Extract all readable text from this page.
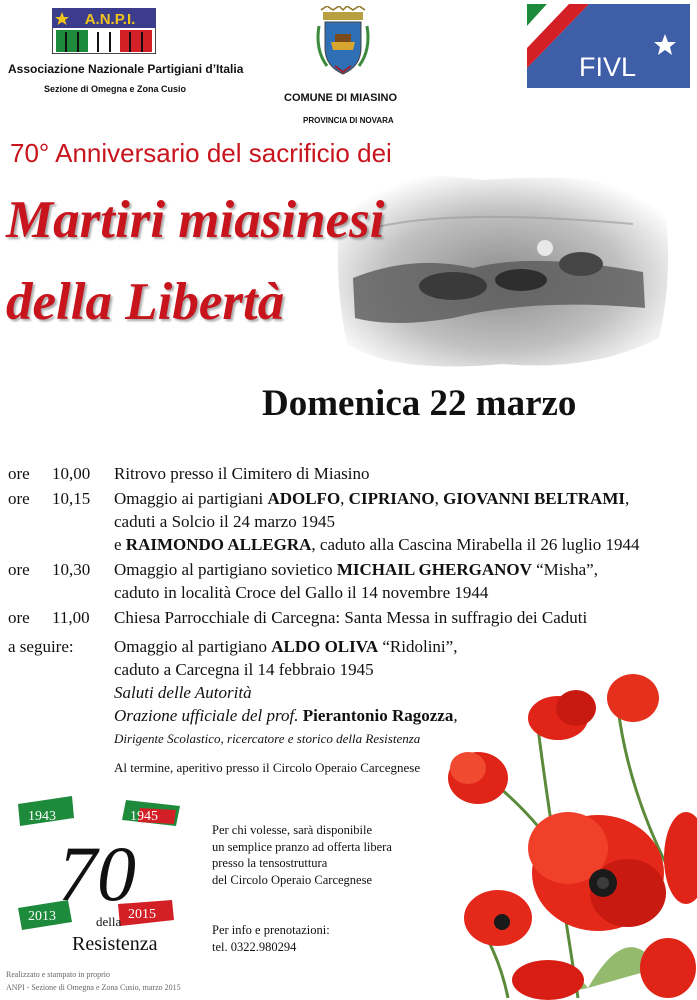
A.N.P.I.
Associazione Nazionale Partigiani d’Italia
Sezione di Omegna e Zona Cusio
COMUNE DI MIASINO
PROVINCIA DI NOVARA
FIVL
70° Anniversario del sacrificio dei
Martiri miasinesi
della Libertà
Domenica 22 marzo
ore	10,00	Ritrovo presso il Cimitero di Miasino
ore	10,15	Omaggio ai partigiani ADOLFO, CIPRIANO, GIOVANNI BELTRAMI,
caduti a Solcio il 24 marzo 1945
e RAIMONDO ALLEGRA, caduto alla Cascina Mirabella il 26 luglio 1944
ore	10,30	Omaggio al partigiano sovietico MICHAIL GHERGANOV “Misha”,
caduto in località Croce del Gallo il 14 novembre 1944
ore	11,00	Chiesa Parrocchiale di Carcegna: Santa Messa in suffragio dei Caduti
a seguire:	Omaggio al partigiano ALDO OLIVA “Ridolini”,
caduto a Carcegna il 14 febbraio 1945
Saluti delle Autorità
Orazione ufficiale del prof. Pierantonio Ragozza,
Dirigente Scolastico, ricercatore e storico della Resistenza
Al termine, aperitivo presso il Circolo Operaio Carcegnese
1943	1945
2013	2015
70
della
Resistenza
Per chi volesse, sarà disponibile
un semplice pranzo ad offerta libera
presso la tensostruttura
del Circolo Operaio Carcegnese
Per info e prenotazioni:
tel. 0322.980294
Realizzato e stampato in proprio
ANPI - Sezione di Omegna e Zona Cusio, marzo 2015
